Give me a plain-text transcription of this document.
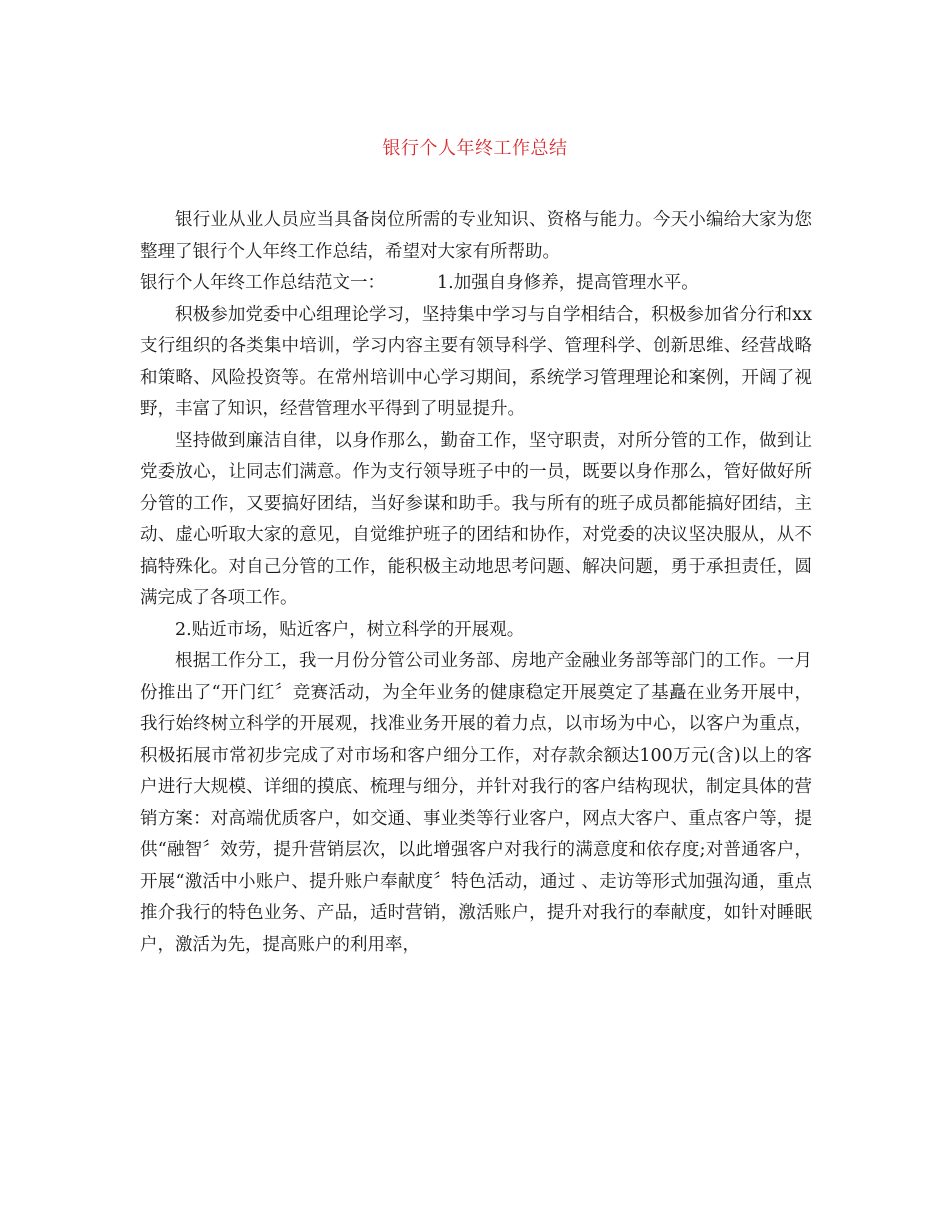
银行个人年终工作总结

银行业从业人员应当具备岗位所需的专业知识、资格与能力。今天小编给大家为您整理了银行个人年终工作总结，希望对大家有所帮助。

银行个人年终工作总结范文一：	1.加强自身修养，提高管理水平。

积极参加党委中心组理论学习，坚持集中学习与自学相结合，积极参加省分行和xx支行组织的各类集中培训，学习内容主要有领导科学、管理科学、创新思维、经营战略和策略、风险投资等。在常州培训中心学习期间，系统学习管理理论和案例，开阔了视野，丰富了知识，经营管理水平得到了明显提升。

坚持做到廉洁自律，以身作那么，勤奋工作，坚守职责，对所分管的工作，做到让党委放心，让同志们满意。作为支行领导班子中的一员，既要以身作那么，管好做好所分管的工作，又要搞好团结，当好参谋和助手。我与所有的班子成员都能搞好团结，主动、虚心听取大家的意见，自觉维护班子的团结和协作，对党委的决议坚决服从，从不搞特殊化。对自己分管的工作，能积极主动地思考问题、解决问题，勇于承担责任，圆满完成了各项工作。

2.贴近市场，贴近客户，树立科学的开展观。

根据工作分工，我一月份分管公司业务部、房地产金融业务部等部门的工作。一月份推出了“开门红〞竞赛活动，为全年业务的健康稳定开展奠定了基矗在业务开展中，我行始终树立科学的开展观，找准业务开展的着力点，以市场为中心，以客户为重点，积极拓展市常初步完成了对市场和客户细分工作，对存款余额达100万元(含)以上的客户进行大规模、详细的摸底、梳理与细分，并针对我行的客户结构现状，制定具体的营销方案：对高端优质客户，如交通、事业类等行业客户，网点大客户、重点客户等，提供“融智〞效劳，提升营销层次，以此增强客户对我行的满意度和依存度;对普通客户，开展“激活中小账户、提升账户奉献度〞特色活动，通过 、走访等形式加强沟通，重点推介我行的特色业务、产品，适时营销，激活账户，提升对我行的奉献度，如针对睡眠户，激活为先，提高账户的利用率，
